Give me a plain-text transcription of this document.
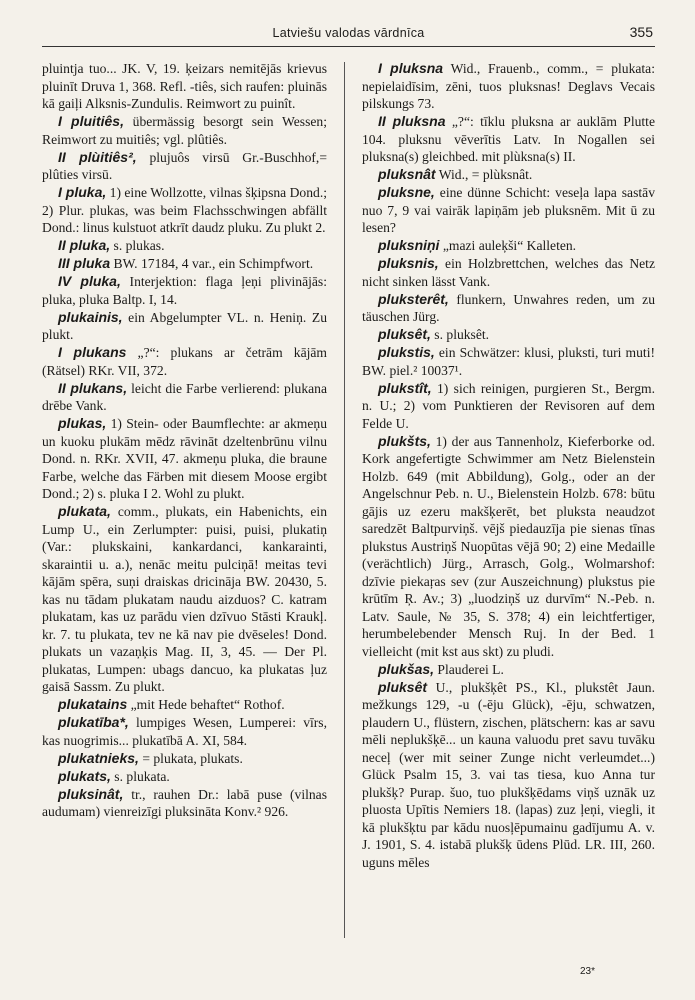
Latviešu valodas vārdnīca	355

pluintja tuo... JK. V, 19. ķeizars nemitējās krievus pluinīt Druva 1, 368. Refl. -tiês, sich raufen: pluinās kā gaiļi Alksnis-Zundulis. Reimwort zu puinît.

I pluitiês, übermässig besorgt sein Wessen; Reimwort zu muitiês; vgl. plûtiês.

II plùitiês², plujuôs virsū Gr.-Buschhof,= plûties virsū.

I pluka, 1) eine Wollzotte, vilnas šķipsna Dond.; 2) Plur. plukas, was beim Flachsschwingen abfällt Dond.: linus kulstuot atkrīt daudz pluku. Zu plukt 2.

II pluka, s. plukas.

III pluka BW. 17184, 4 var., ein Schimpfwort.

IV pluka, Interjektion: flaga ļeņi plivinājās: pluka, pluka Baltp. I, 14.

plukainis, ein Abgelumpter VL. n. Heniņ. Zu plukt.

I plukans „?“: plukans ar četrām kājām (Rätsel) RKr. VII, 372.

II plukans, leicht die Farbe verlierend: plukana drēbe Vank.

plukas, 1) Stein- oder Baumflechte: ar akmeņu un kuoku plukām mēdz rāvināt dzeltenbrūnu vilnu Dond. n. RKr. XVII, 47. akmeņu pluka, die braune Farbe, welche das Färben mit diesem Moose ergibt Dond.; 2) s. pluka I 2. Wohl zu plukt.

plukata, comm., plukats, ein Habenichts, ein Lump U., ein Zerlumpter: puisi, puisi, plukatiņ (Var.: plukskaini, kankardanci, kankarainti, skaraintii u. a.), nenāc meitu pulciņā! meitas tevi kājām spēra, suņi draiskas dricināja BW. 20430, 5. kas nu tādam plukatam naudu aizduos? C. katram plukatam, kas uz parādu vien dzīvuo Stāsti Kraukļ. kr. 7. tu plukata, tev ne kā nav pie dvēseles! Dond. plukats un vazaņķis Mag. II, 3, 45. — Der Pl. plukatas, Lumpen: ubags dancuo, ka plukatas ļuz gaisā Sassm. Zu plukt.

plukatains „mit Hede behaftet“ Rothof.

plukatība*, lumpiges Wesen, Lumperei: vīrs, kas nuogrimis... plukatībā A. XI, 584.

plukatnieks, = plukata, plukats.

plukats, s. plukata.

pluksinât, tr., rauhen Dr.: labā puse (vilnas audumam) vienreizīgi pluksināta Konv.² 926.

I pluksna Wid., Frauenb., comm., = plukata: nepielaidīsim, zēni, tuos pluksnas! Deglavs Vecais pilskungs 73.

II pluksna „?“: tīklu pluksna ar auklām Plutte 104. pluksnu vēverītis Latv. In Nogallen sei pluksna(s) gleichbed. mit plùksna(s) II.

pluksnât Wid., = plùksnât.

pluksne, eine dünne Schicht: veseļa lapa sastāv nuo 7, 9 vai vairāk lapiņām jeb pluksnēm. Mit ū zu lesen?

pluksniņi „mazi auleķši“ Kalleten.

pluksnis, ein Holzbrettchen, welches das Netz nicht sinken lässt Vank.

pluksterêt, flunkern, Unwahres reden, um zu täuschen Jürg.

pluksêt, s. pluksêt.

plukstis, ein Schwätzer: klusi, pluksti, turi muti! BW. piel.² 10037¹.

plukstît, 1) sich reinigen, purgieren St., Bergm. n. U.; 2) vom Punktieren der Revisoren auf dem Felde U.

plukšts, 1) der aus Tannenholz, Kieferborke od. Kork angefertigte Schwimmer am Netz Bielenstein Holzb. 649 (mit Abbildung), Golg., oder an der Angelschnur Peb. n. U., Bielenstein Holzb. 678: būtu gājis uz ezeru makšķerēt, bet pluksta neaudzot saredzēt Baltpurviņš. vējš piedauzīja pie sienas tīnas plukstus Austriņš Nuopūtas vējā 90; 2) eine Medaille (verächtlich) Jürg., Arrasch, Golg., Wolmarshof: dzīvie piekaŗas sev (zur Auszeichnung) plukstus pie krūtīm Ŗ. Av.; 3) „luodziņš uz durvīm“ N.-Peb. n. Latv. Saule, № 35, S. 378; 4) ein leichtfertiger, herumbelebender Mensch Ruj. In der Bed. 1 vielleicht (mit kst aus skt) zu pludi.

plukšas, Plauderei L.

pluksêt U., plukšķêt PS., Kl., plukstêt Jaun. mežkungs 129, -u (-ēju Glück), -ēju, schwatzen, plaudern U., flüstern, zischen, plätschern: kas ar savu mēli neplukšķē... un kauna valuodu pret savu tuvāku neceļ (wer mit seiner Zunge nicht verleumdet...) Glück Psalm 15, 3. vai tas tiesa, kuo Anna tur plukšķ? Purap. šuo, tuo plukšķēdams viņš uznāk uz pluosta Upītis Nemiers 18. (lapas) zuz ļeņi, viegli, it kā plukšķtu par kādu nuosļēpumainu gadījumu A. v. J. 1901, S. 4. istabā plukšķ ūdens Plūd. LR. III, 260. uguns mēles

23*
